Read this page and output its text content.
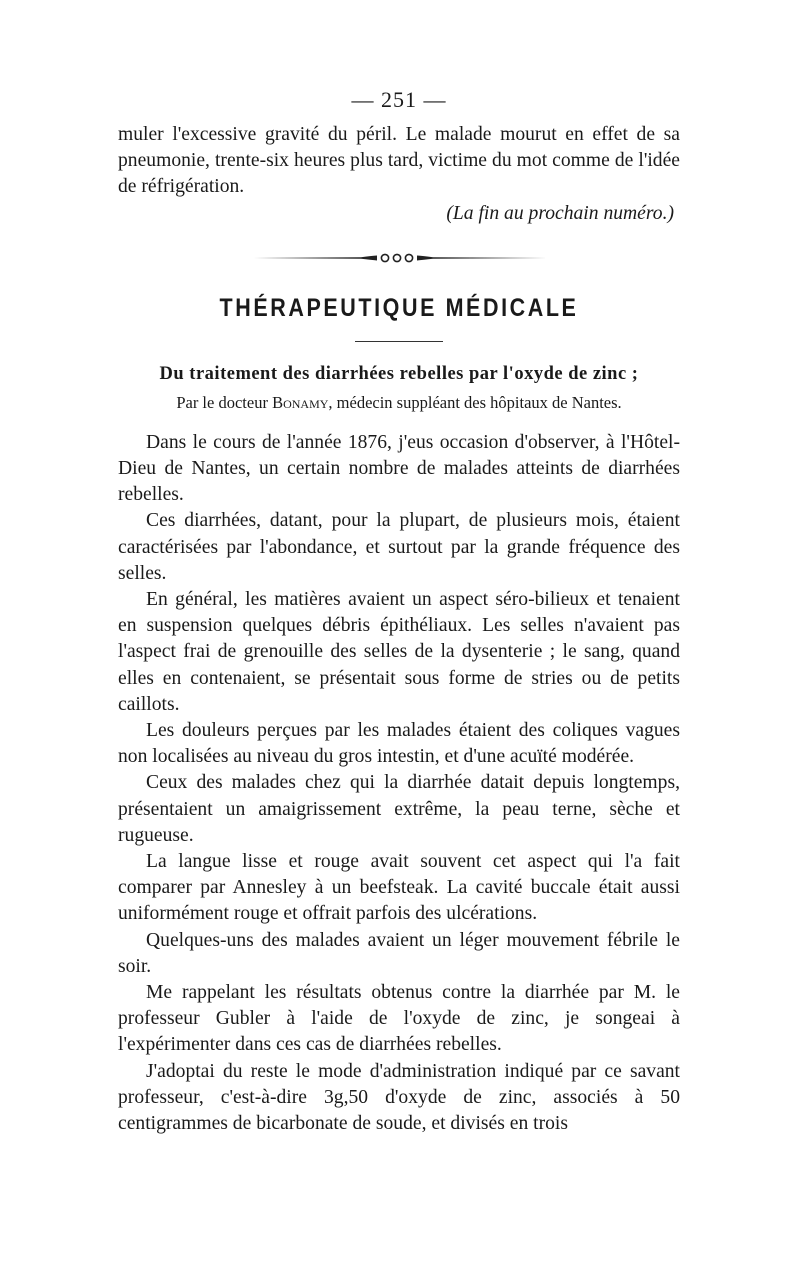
— 251 —

muler l'excessive gravité du péril. Le malade mourut en effet de sa pneumonie, trente-six heures plus tard, victime du mot comme de l'idée de réfrigération.

(La fin au prochain numéro.)

THÉRAPEUTIQUE MÉDICALE
Du traitement des diarrhées rebelles par l'oxyde de zinc ;
Par le docteur Bonamy, médecin suppléant des hôpitaux de Nantes.

Dans le cours de l'année 1876, j'eus occasion d'observer, à l'Hôtel-Dieu de Nantes, un certain nombre de malades atteints de diarrhées rebelles.

Ces diarrhées, datant, pour la plupart, de plusieurs mois, étaient caractérisées par l'abondance, et surtout par la grande fréquence des selles.

En général, les matières avaient un aspect séro-bilieux et tenaient en suspension quelques débris épithéliaux. Les selles n'avaient pas l'aspect frai de grenouille des selles de la dysenterie ; le sang, quand elles en contenaient, se présentait sous forme de stries ou de petits caillots.

Les douleurs perçues par les malades étaient des coliques vagues non localisées au niveau du gros intestin, et d'une acuïté modérée.

Ceux des malades chez qui la diarrhée datait depuis longtemps, présentaient un amaigrissement extrême, la peau terne, sèche et rugueuse.

La langue lisse et rouge avait souvent cet aspect qui l'a fait comparer par Annesley à un beefsteak. La cavité buccale était aussi uniformément rouge et offrait parfois des ulcérations.

Quelques-uns des malades avaient un léger mouvement fébrile le soir.

Me rappelant les résultats obtenus contre la diarrhée par M. le professeur Gubler à l'aide de l'oxyde de zinc, je songeai à l'expérimenter dans ces cas de diarrhées rebelles.

J'adoptai du reste le mode d'administration indiqué par ce savant professeur, c'est-à-dire 3g,50 d'oxyde de zinc, associés à 50 centigrammes de bicarbonate de soude, et divisés en trois
